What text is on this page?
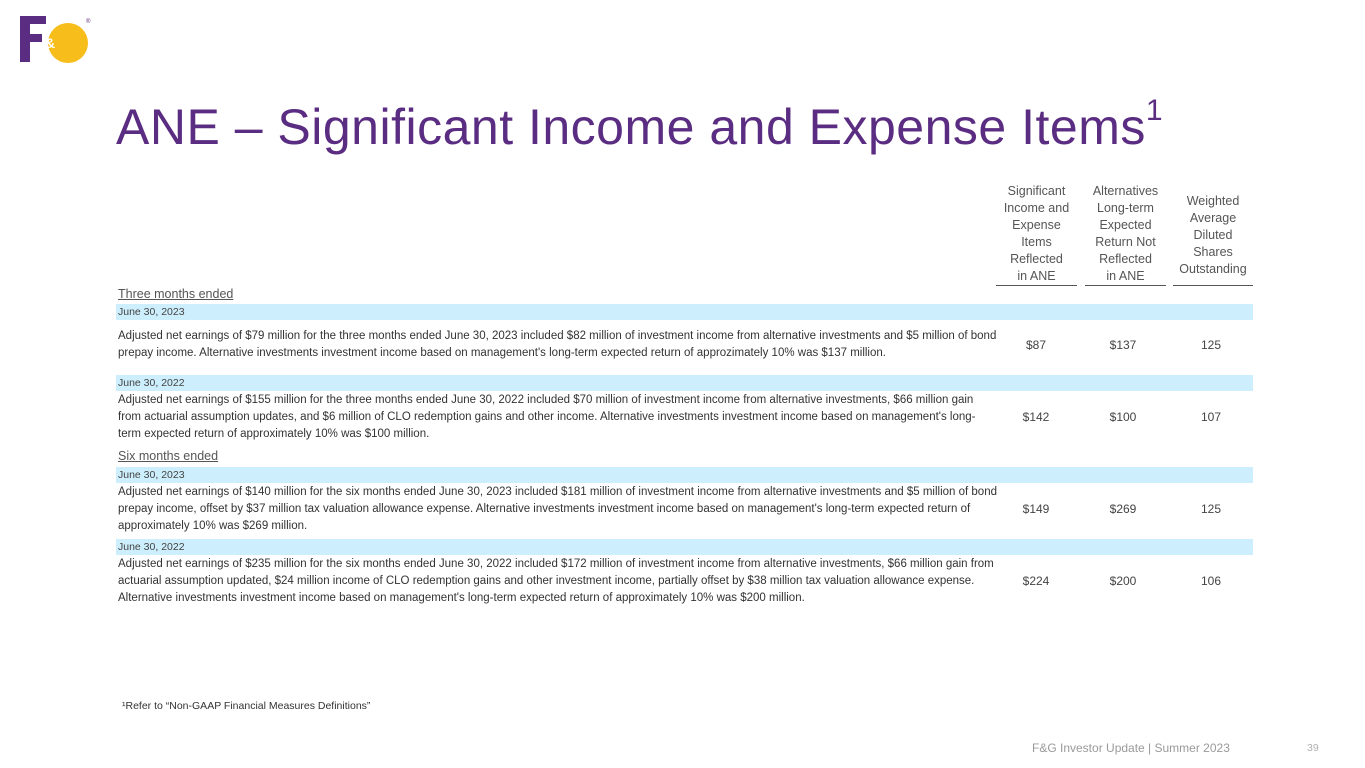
&
®
ANE – Significant Income and Expense Items$^1$
Significant
Income and
Expense
Items
Reflected
in ANE
Alternatives
Long-term
Expected
Return Not
Reflected
in ANE
Weighted
Average
Diluted
Shares
Outstanding
Three months ended
June 30, 2023
Adjusted net earnings of $79 million for the three months ended June 30, 2023 included $82 million of investment income from alternative investments and $5 million of bond prepay income. Alternative investments investment income based on management's long-term expected return of approzimately 10% was $137 million.
$87	$137	125
June 30, 2022
Adjusted net earnings of $155 million for the three months ended June 30, 2022 included $70 million of investment income from alternative investments, $66 million gain from actuarial assumption updates, and $6 million of CLO redemption gains and other income. Alternative investments investment income based on management's long-term expected return of approximately 10% was $100 million.
$142	$100	107
Six months ended
June 30, 2023
Adjusted net earnings of $140 million for the six months ended June 30, 2023 included $181 million of investment income from alternative investments and $5 million of bond prepay income, offset by $37 million tax valuation allowance expense. Alternative investments investment income based on management's long-term expected return of approximately 10% was $269 million.
$149	$269	125
June 30, 2022
Adjusted net earnings of $235 million for the six months ended June 30, 2022 included $172 million of investment income from alternative investments, $66 million gain from actuarial assumption updated, $24 million income of CLO redemption gains and other investment income, partially offset by $38 million tax valuation allowance expense. Alternative investments investment income based on management's long-term expected return of approximately 10% was $200 million.
$224	$200	106
¹Refer to “Non-GAAP Financial Measures Definitions”
F&G Investor Update | Summer 2023	39
